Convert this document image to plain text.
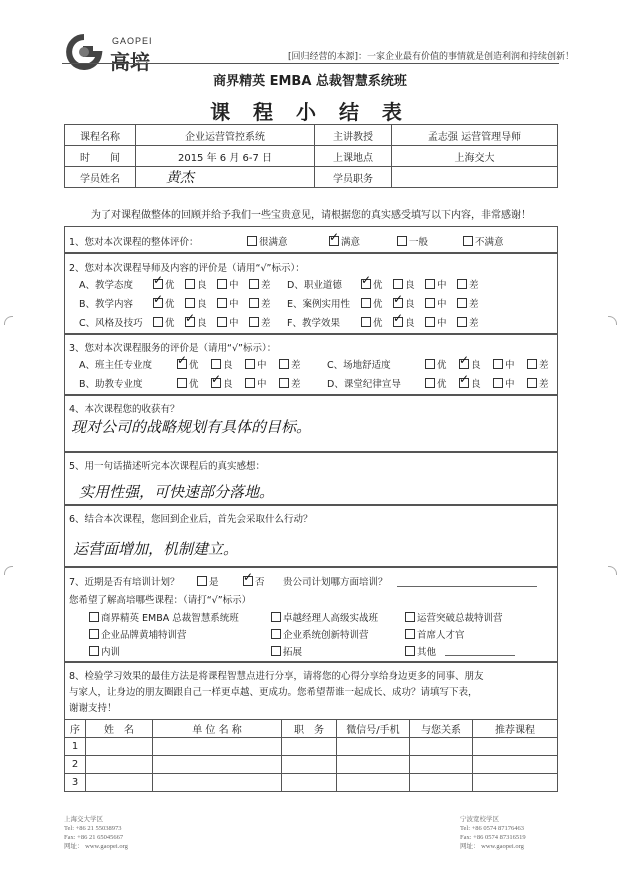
GAOPEI
高培	[回归经营的本源]：一家企业最有价值的事情就是创造利润和持续创新！
商界精英 EMBA 总裁智慧系统班
课 程 小 结 表
课程名称	企业运营管控系统	主讲教授	孟志强 运营管理导师
时　　间	2015 年 6 月 6-7 日	上课地点	上海交大
学员姓名	黄杰	学员职务	
为了对课程做整体的回顾并给予我们一些宝贵意见，请根据您的真实感受填写以下内容，非常感谢！
1、您对本次课程的整体评价：	很满意 ✓	满意	一般	不满意
2、您对本次课程导师及内容的评价是（请用“√”标示）：
A、教学态度 ✓	优	良	中	差
B、教学内容 ✓	优	良	中	差
C、风格及技巧	优 ✓	良	中	差
D、职业道德 ✓	优	良	中	差
E、案例实用性	优 ✓	良	中	差
F、教学效果	优 ✓	良	中	差
3、您对本次课程服务的评价是（请用“√”标示）：
A、班主任专业度 ✓	优	良	中	差
B、助教专业度	优 ✓	良	中	差
C、场地舒适度	优 ✓	良	中	差
D、课堂纪律宣导	优 ✓	良	中	差
4、本次课程您的收获有？
现对公司的战略规划有具体的目标。
5、用一句话描述听完本次课程后的真实感想：
实用性强，可快速部分落地。
6、结合本次课程，您回到企业后，首先会采取什么行动？
运营面增加，机制建立。
7、近期是否有培训计划？	是 ✓	否 贵公司计划哪方面培训？
您希望了解高培哪些课程：（请打“√”标示）
商界精英 EMBA 总裁智慧系统班	卓越经理人高级实战班	运营突破总裁特训营
企业品牌黄埔特训营	企业系统创新特训营	首席人才官
内训	拓展	其他
8、检验学习效果的最佳方法是将课程智慧点进行分享，请将您的心得分享给身边更多的同事、朋友
与家人，让身边的朋友圈跟自己一样更卓越、更成功。您希望帮谁一起成长、成功？请填写下表，
谢谢支持！
序	姓　名	单 位 名 称	职　务	微信号/手机	与您关系	推荐课程
1						
2						
3						
上海交大学区
Tel: +86 21 55038973
Fax: +86 21 65045667
网址： www.gaopei.org
宁波宽校学区
Tel: +86 0574 87176463
Fax: +86 0574 87316519
网址： www.gaopei.org
